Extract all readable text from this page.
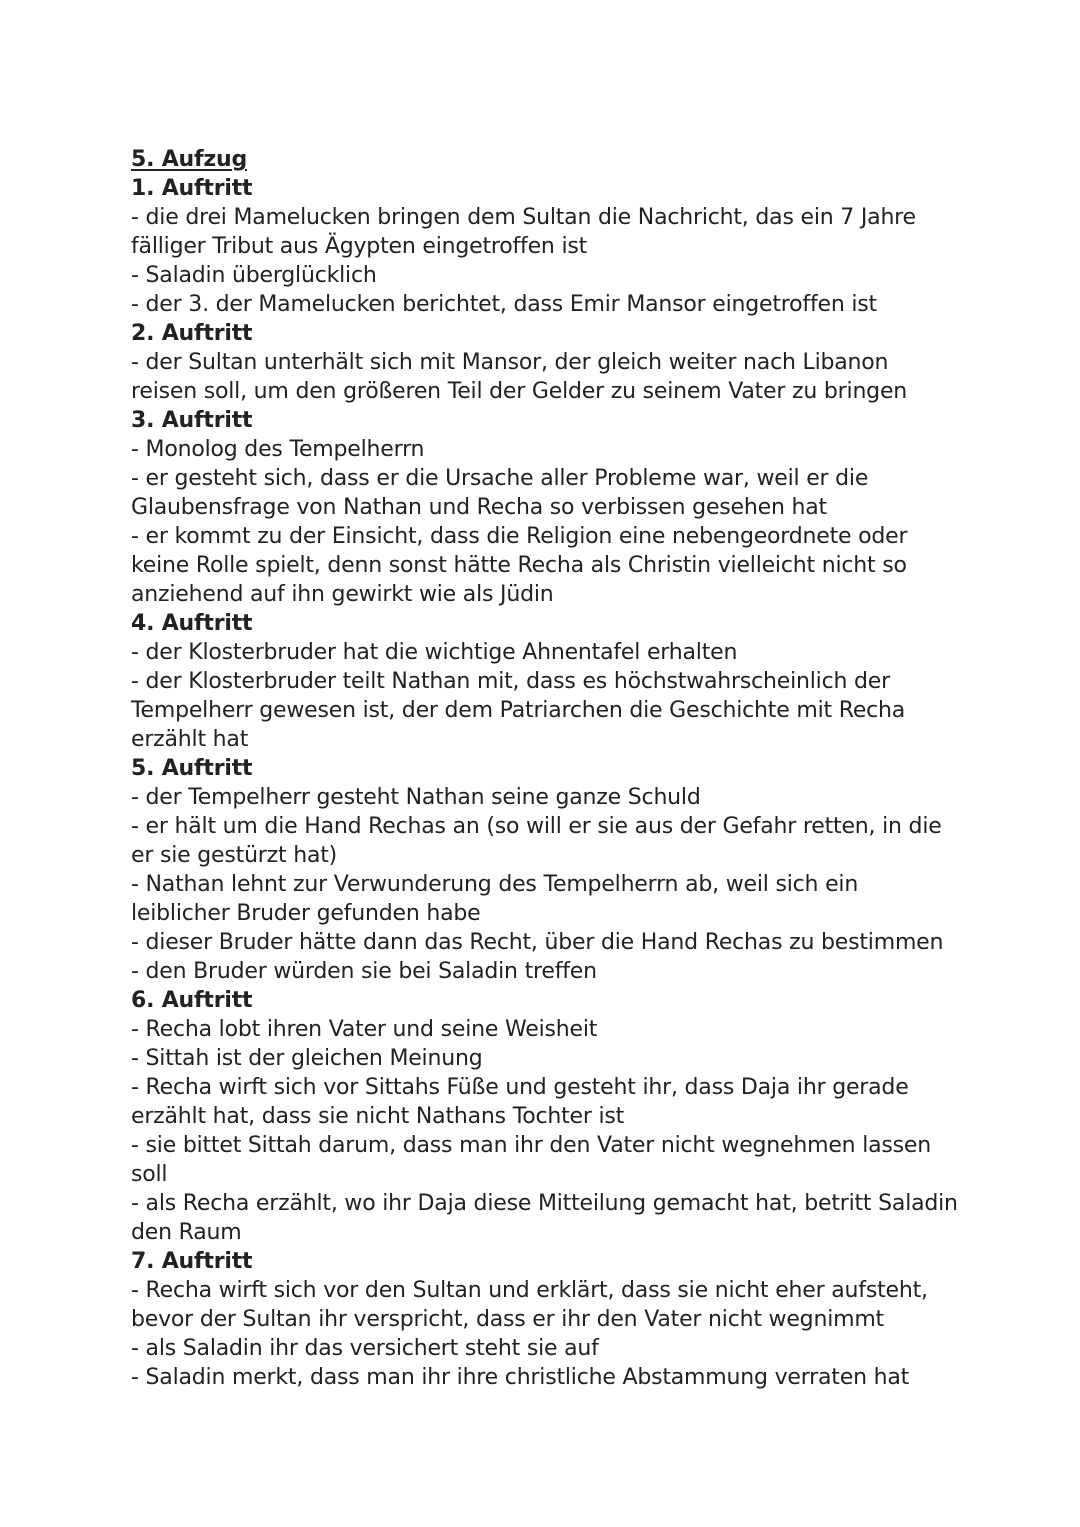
5. Aufzug
1. Auftritt
- die drei Mamelucken bringen dem Sultan die Nachricht, das ein 7 Jahre fälliger Tribut aus Ägypten eingetroffen ist
- Saladin überglücklich
- der 3. der Mamelucken berichtet, dass Emir Mansor eingetroffen ist
2. Auftritt
- der Sultan unterhält sich mit Mansor, der gleich weiter nach Libanon reisen soll, um den größeren Teil der Gelder zu seinem Vater zu bringen
3. Auftritt
- Monolog des Tempelherrn
- er gesteht sich, dass er die Ursache aller Probleme war, weil er die Glaubensfrage von Nathan und Recha so verbissen gesehen hat
- er kommt zu der Einsicht, dass die Religion eine nebengeordnete oder keine Rolle spielt, denn sonst hätte Recha als Christin vielleicht nicht so anziehend auf ihn gewirkt wie als Jüdin
4. Auftritt
- der Klosterbruder hat die wichtige Ahnentafel erhalten
- der Klosterbruder teilt Nathan mit, dass es höchstwahrscheinlich der Tempelherr gewesen ist, der dem Patriarchen die Geschichte mit Recha erzählt hat
5. Auftritt
- der Tempelherr gesteht Nathan seine ganze Schuld
- er hält um die Hand Rechas an (so will er sie aus der Gefahr retten, in die er sie gestürzt hat)
- Nathan lehnt zur Verwunderung des Tempelherrn ab, weil sich ein leiblicher Bruder gefunden habe
- dieser Bruder hätte dann das Recht, über die Hand Rechas zu bestimmen
- den Bruder würden sie bei Saladin treffen
6. Auftritt
- Recha lobt ihren Vater und seine Weisheit
- Sittah ist der gleichen Meinung
- Recha wirft sich vor Sittahs Füße und gesteht ihr, dass Daja ihr gerade erzählt hat, dass sie nicht Nathans Tochter ist
- sie bittet Sittah darum, dass man ihr den Vater nicht wegnehmen lassen soll
- als Recha erzählt, wo ihr Daja diese Mitteilung gemacht hat, betritt Saladin den Raum
7. Auftritt
- Recha wirft sich vor den Sultan und erklärt, dass sie nicht eher aufsteht, bevor der Sultan ihr verspricht, dass er ihr den Vater nicht wegnimmt
- als Saladin ihr das versichert steht sie auf
- Saladin merkt, dass man ihr ihre christliche Abstammung verraten hat
